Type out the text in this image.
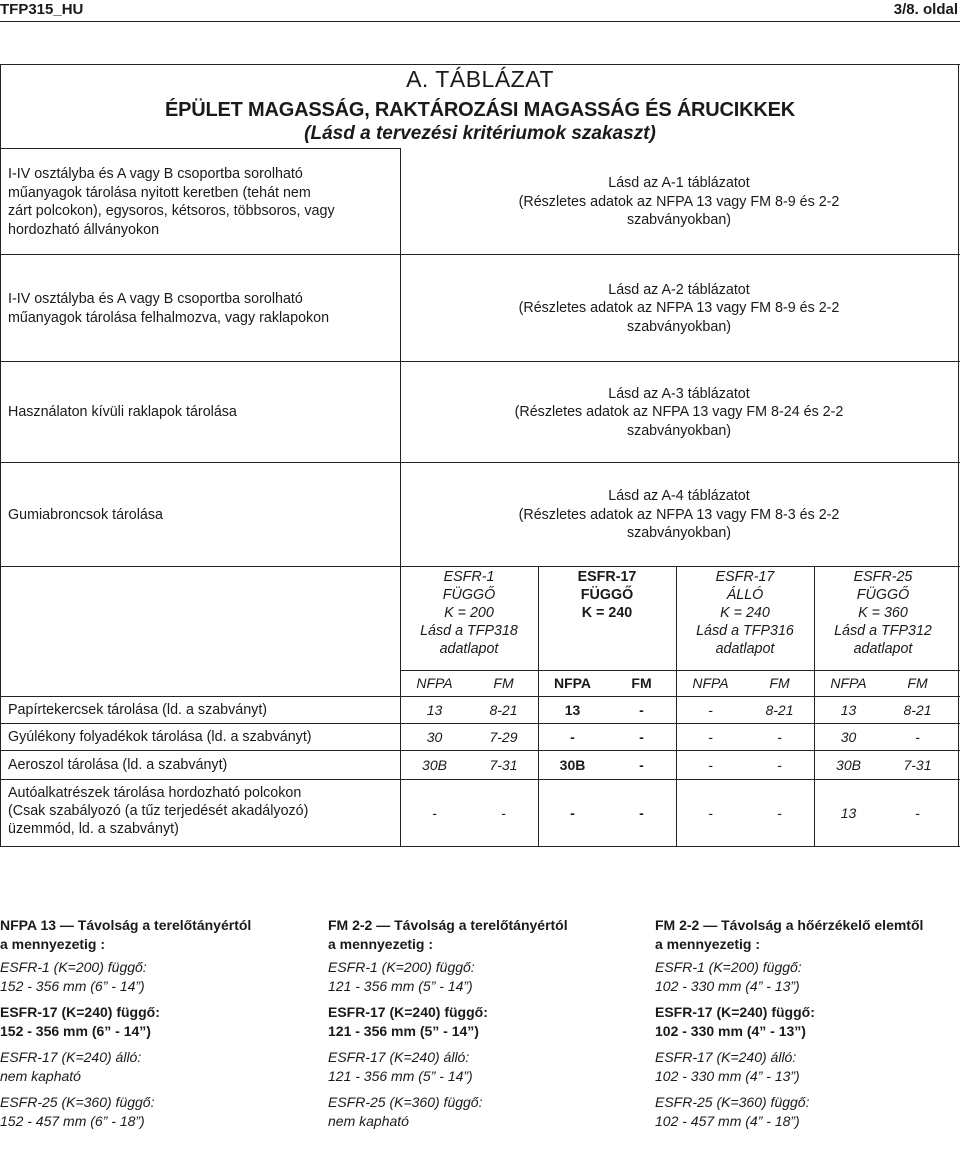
TFP315_HU	3/8. oldal
A. TÁBLÁZAT
ÉPÜLET MAGASSÁG, RAKTÁROZÁSI MAGASSÁG ÉS ÁRUCIKKEK
(Lásd a tervezési kritériumok szakaszt)
I-IV osztályba és A vagy B csoportba sorolható
műanyagok tárolása nyitott keretben (tehát nem
zárt polcokon), egysoros, kétsoros, többsoros, vagy
hordozható állványokon
Lásd az A-1 táblázatot
(Részletes adatok az NFPA 13 vagy FM 8-9 és 2-2
szabványokban)
I-IV osztályba és A vagy B csoportba sorolható
műanyagok tárolása felhalmozva, vagy raklapokon
Lásd az A-2 táblázatot
(Részletes adatok az NFPA 13 vagy FM 8-9 és 2-2
szabványokban)
Használaton kívüli raklapok tárolása
Lásd az A-3 táblázatot
(Részletes adatok az NFPA 13 vagy FM 8-24 és 2-2
szabványokban)
Gumiabroncsok tárolása
Lásd az A-4 táblázatot
(Részletes adatok az NFPA 13 vagy FM 8-3 és 2-2
szabványokban)
ESFR-1
FÜGGŐ
K = 200
Lásd a TFP318
adatlapot
ESFR-17
FÜGGŐ
K = 240
ESFR-17
ÁLLÓ
K = 240
Lásd a TFP316
adatlapot
ESFR-25
FÜGGŐ
K = 360
Lásd a TFP312
adatlapot
NFPA	FM	NFPA	FM	NFPA	FM	NFPA	FM
Papírtekercsek tárolása (ld. a szabványt)	13	8-21	13	-	-	8-21	13	8-21
Gyúlékony folyadékok tárolása (ld. a szabványt)	30	7-29	-	-	-	-	30	-
Aeroszol tárolása (ld. a szabványt)	30B	7-31	30B	-	-	-	30B	7-31
Autóalkatrészek tárolása hordozható polcokon
(Csak szabályozó (a tűz terjedését akadályozó)
üzemmód, ld. a szabványt)
-	-	-	-	-	-	13	-
NFPA 13 — Távolság a terelőtányértól
a mennyezetig :
ESFR-1 (K=200) függő:
152 - 356 mm (6” - 14”)
ESFR-17 (K=240) függő:
152 - 356 mm (6” - 14”)
ESFR-17 (K=240) álló:
nem kapható
ESFR-25 (K=360) függő:
152 - 457 mm (6” - 18”)
FM 2-2 — Távolság a terelőtányértól
a mennyezetig :
ESFR-1 (K=200) függő:
121 - 356 mm (5” - 14”)
ESFR-17 (K=240) függő:
121 - 356 mm (5” - 14”)
ESFR-17 (K=240) álló:
121 - 356 mm (5” - 14”)
ESFR-25 (K=360) függő:
nem kapható
FM 2-2 — Távolság a hőérzékelő elemtől
a mennyezetig :
ESFR-1 (K=200) függő:
102 - 330 mm (4” - 13”)
ESFR-17 (K=240) függő:
102 - 330 mm (4” - 13”)
ESFR-17 (K=240) álló:
102 - 330 mm (4” - 13”)
ESFR-25 (K=360) függő:
102 - 457 mm (4” - 18”)
